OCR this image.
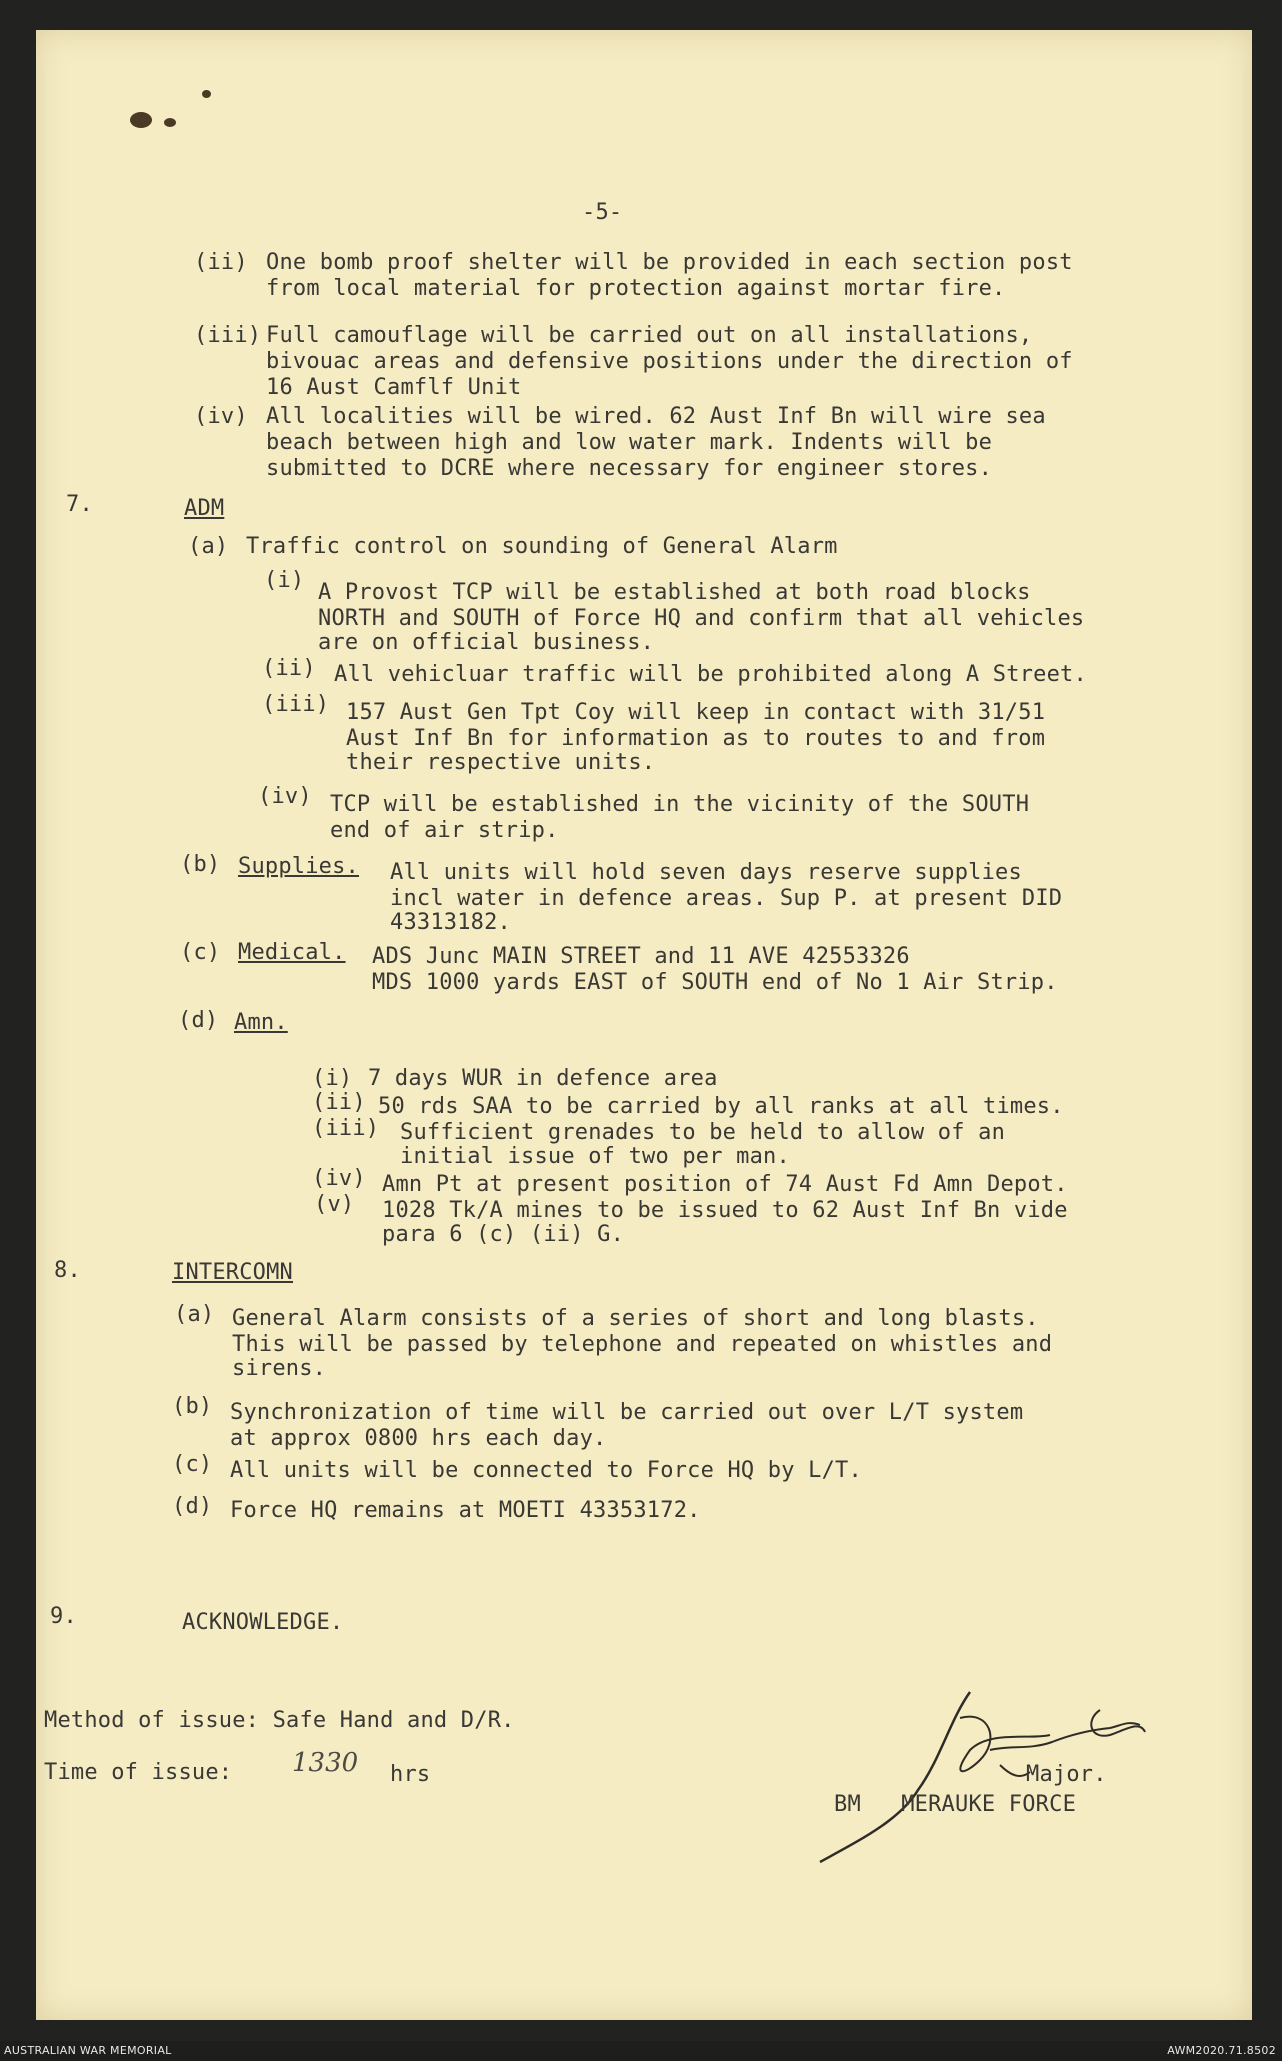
-5-
(ii) One bomb proof shelter will be provided in each section post
from local material for protection against mortar fire.
(iii) Full camouflage will be carried out on all installations,
bivouac areas and defensive positions under the direction of
16 Aust Camflf Unit
(iv) All localities will be wired. 62 Aust Inf Bn will wire sea
beach between high and low water mark. Indents will be
submitted to DCRE where necessary for engineer stores.
7.	ADM
(a) Traffic control on sounding of General Alarm
(i) A Provost TCP will be established at both road blocks
NORTH and SOUTH of Force HQ and confirm that all vehicles
are on official business.
(ii) All vehicluar traffic will be prohibited along A Street.
(iii) 157 Aust Gen Tpt Coy will keep in contact with 31/51
Aust Inf Bn for information as to routes to and from
their respective units.
(iv) TCP will be established in the vicinity of the SOUTH
end of air strip.
(b) Supplies. All units will hold seven days reserve supplies
incl water in defence areas. Sup P. at present DID
43313182.
(c) Medical. ADS Junc MAIN STREET and 11 AVE 42553326
MDS 1000 yards EAST of SOUTH end of No 1 Air Strip.
(d) Amn.
(i) 7 days WUR in defence area
(ii) 50 rds SAA to be carried by all ranks at all times.
(iii) Sufficient grenades to be held to allow of an
initial issue of two per man.
(iv) Amn Pt at present position of 74 Aust Fd Amn Depot.
(v) 1028 Tk/A mines to be issued to 62 Aust Inf Bn vide
para 6 (c) (ii) G.
8.	INTERCOMN
(a) General Alarm consists of a series of short and long blasts.
This will be passed by telephone and repeated on whistles and
sirens.
(b) Synchronization of time will be carried out over L/T system
at approx 0800 hrs each day.
(c) All units will be connected to Force HQ by L/T.
(d) Force HQ remains at MOETI 43353172.
9.	ACKNOWLEDGE.
Method of issue: Safe Hand and D/R.
Time of issue: 1330 hrs	Major.
BM   MERAUKE FORCE
AUSTRALIAN WAR MEMORIAL	AWM2020.71.8502
